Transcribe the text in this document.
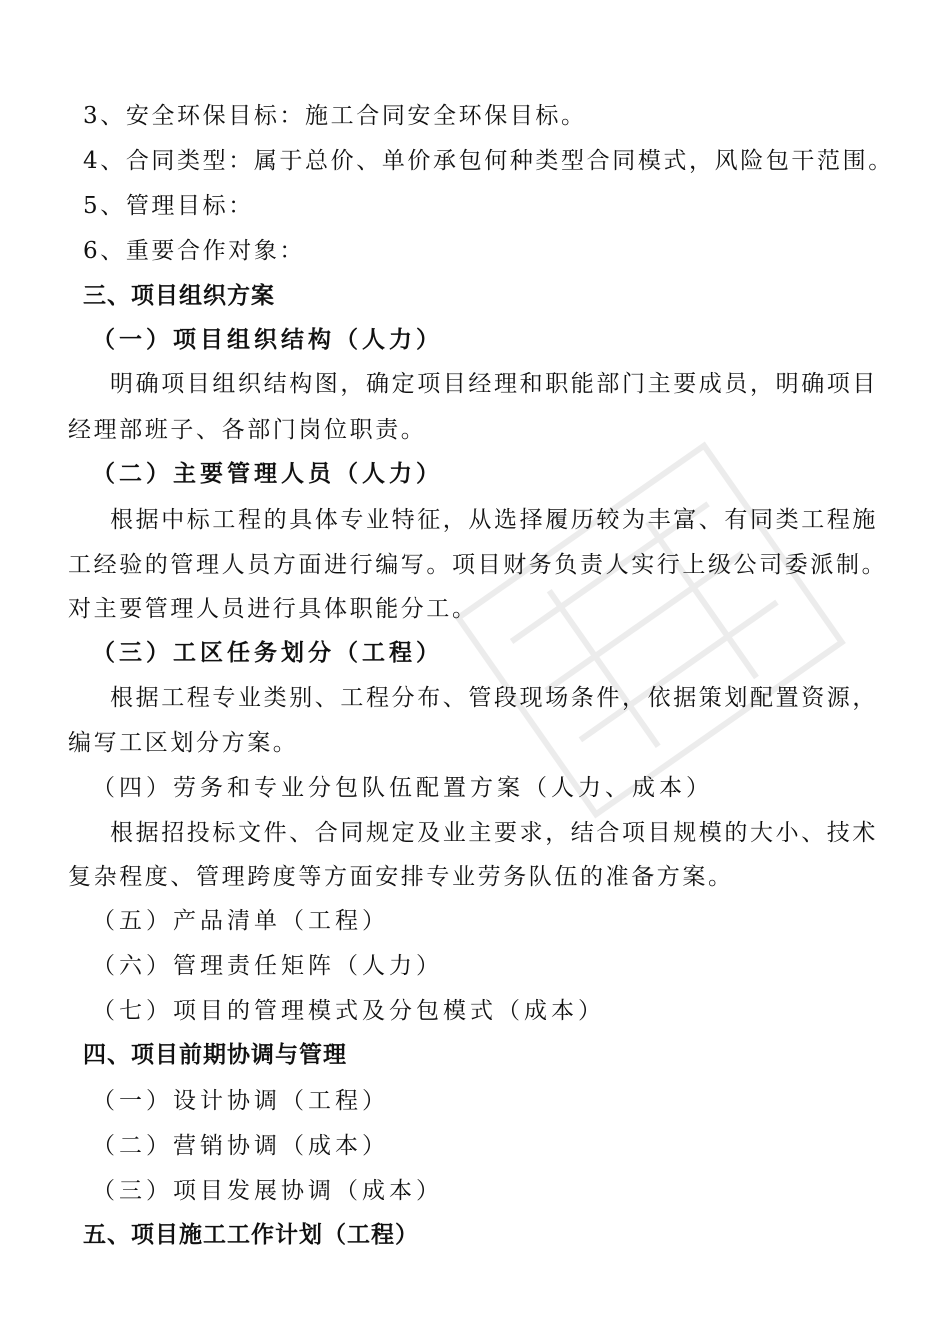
3、安全环保目标：施工合同安全环保目标。
4、合同类型：属于总价、单价承包何种类型合同模式，风险包干范围。
5、管理目标：
6、重要合作对象：
三、项目组织方案
（一）项目组织结构（人力）
明确项目组织结构图，确定项目经理和职能部门主要成员，明确项目
经理部班子、各部门岗位职责。
（二）主要管理人员（人力）
根据中标工程的具体专业特征，从选择履历较为丰富、有同类工程施
工经验的管理人员方面进行编写。项目财务负责人实行上级公司委派制。
对主要管理人员进行具体职能分工。
（三）工区任务划分（工程）
根据工程专业类别、工程分布、管段现场条件，依据策划配置资源，
编写工区划分方案。
（四）劳务和专业分包队伍配置方案（人力、成本）
根据招投标文件、合同规定及业主要求，结合项目规模的大小、技术
复杂程度、管理跨度等方面安排专业劳务队伍的准备方案。
（五）产品清单（工程）
（六）管理责任矩阵（人力）
（七）项目的管理模式及分包模式（成本）
四、项目前期协调与管理
（一）设计协调（工程）
（二）营销协调（成本）
（三）项目发展协调（成本）
五、项目施工工作计划（工程）
